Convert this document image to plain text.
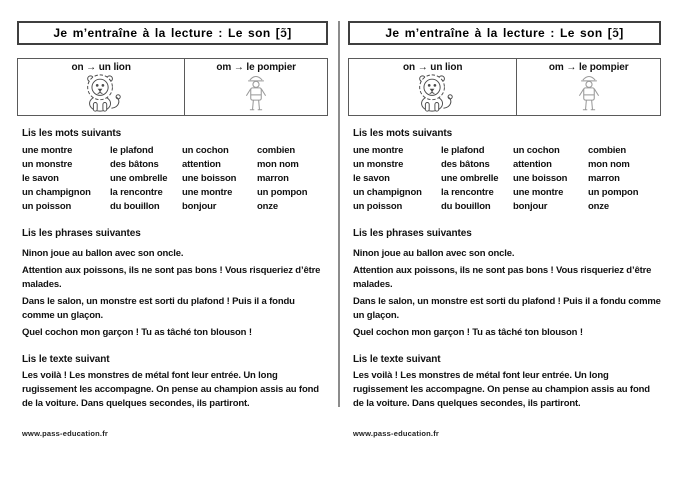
Je m’entraîne à la lecture : Le son [ɔ̃]
on → un lion	om → le pompier
Lis les mots suivants
une montre	le plafond	un cochon	combien
un monstre	des bâtons	attention	mon nom
le savon	une ombrelle	une boisson	marron
un champignon	la rencontre	une montre	un pompon
un poisson	du bouillon	bonjour	onze
Lis les phrases suivantes

Ninon joue au ballon avec son oncle.

Attention aux poissons, ils ne sont pas bons ! Vous risqueriez d’être malades.

Dans le salon, un monstre est sorti du plafond ! Puis il a fondu comme un glaçon.

Quel cochon mon garçon ! Tu as tâché ton blouson !

Lis le texte suivant

Les voilà ! Les monstres de métal font leur entrée. Un long rugissement les accompagne. On pense au champion assis au fond de la voiture. Dans quelques secondes, ils partiront.

www.pass-education.fr
Je m’entraîne à la lecture : Le son [ɔ̃]
on → un lion	om → le pompier
Lis les mots suivants
une montre	le plafond	un cochon	combien
un monstre	des bâtons	attention	mon nom
le savon	une ombrelle	une boisson	marron
un champignon	la rencontre	une montre	un pompon
un poisson	du bouillon	bonjour	onze
Lis les phrases suivantes

Ninon joue au ballon avec son oncle.

Attention aux poissons, ils ne sont pas bons ! Vous risqueriez d’être malades.

Dans le salon, un monstre est sorti du plafond ! Puis il a fondu comme un glaçon.

Quel cochon mon garçon ! Tu as tâché ton blouson !

Lis le texte suivant

Les voilà ! Les monstres de métal font leur entrée. Un long rugissement les accompagne. On pense au champion assis au fond de la voiture. Dans quelques secondes, ils partiront.

www.pass-education.fr
